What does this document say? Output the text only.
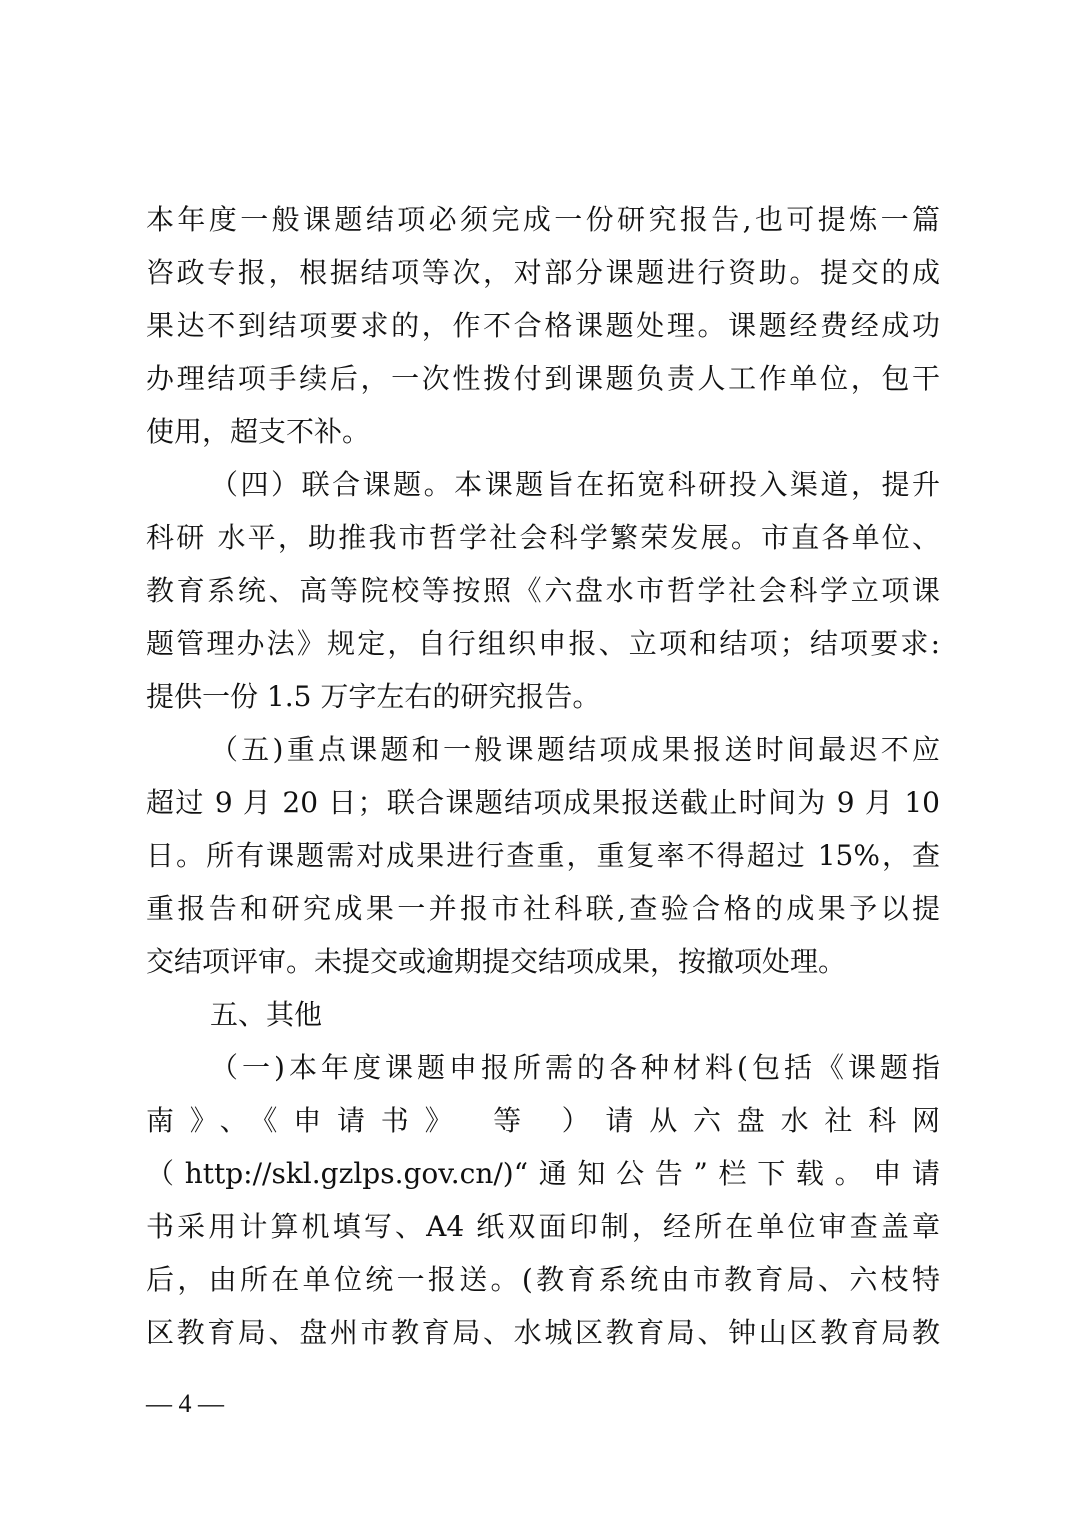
本年度一般课题结项必须完成一份研究报告,也可提炼一篇
咨政专报，根据结项等次，对部分课题进行资助。提交的成
果达不到结项要求的，作不合格课题处理。课题经费经成功
办理结项手续后，一次性拨付到课题负责人工作单位，包干
使用，超支不补。
（四）联合课题。本课题旨在拓宽科研投入渠道，提升
科研 水平，助推我市哲学社会科学繁荣发展。市直各单位、
教育系统、高等院校等按照《六盘水市哲学社会科学立项课
题管理办法》规定，自行组织申报、立项和结项；结项要求:
提供一份 1.5 万字左右的研究报告。
（五)重点课题和一般课题结项成果报送时间最迟不应
超过 9 月 20 日；联合课题结项成果报送截止时间为 9 月 10
日。所有课题需对成果进行查重，重复率不得超过 15%，查
重报告和研究成果一并报市社科联,查验合格的成果予以提
交结项评审。未提交或逾期提交结项成果，按撤项处理。
五、其他
（一)本年度课题申报所需的各种材料(包括《课题指
南》、《申请书》 等 ）请从六盘水社科网
（http://skl.gzlps.gov.cn/)“通知公告”栏下载。申请
书采用计算机填写、A4 纸双面印制，经所在单位审查盖章
后，由所在单位统一报送。(教育系统由市教育局、六枝特
区教育局、盘州市教育局、水城区教育局、钟山区教育局教
— 4 —
